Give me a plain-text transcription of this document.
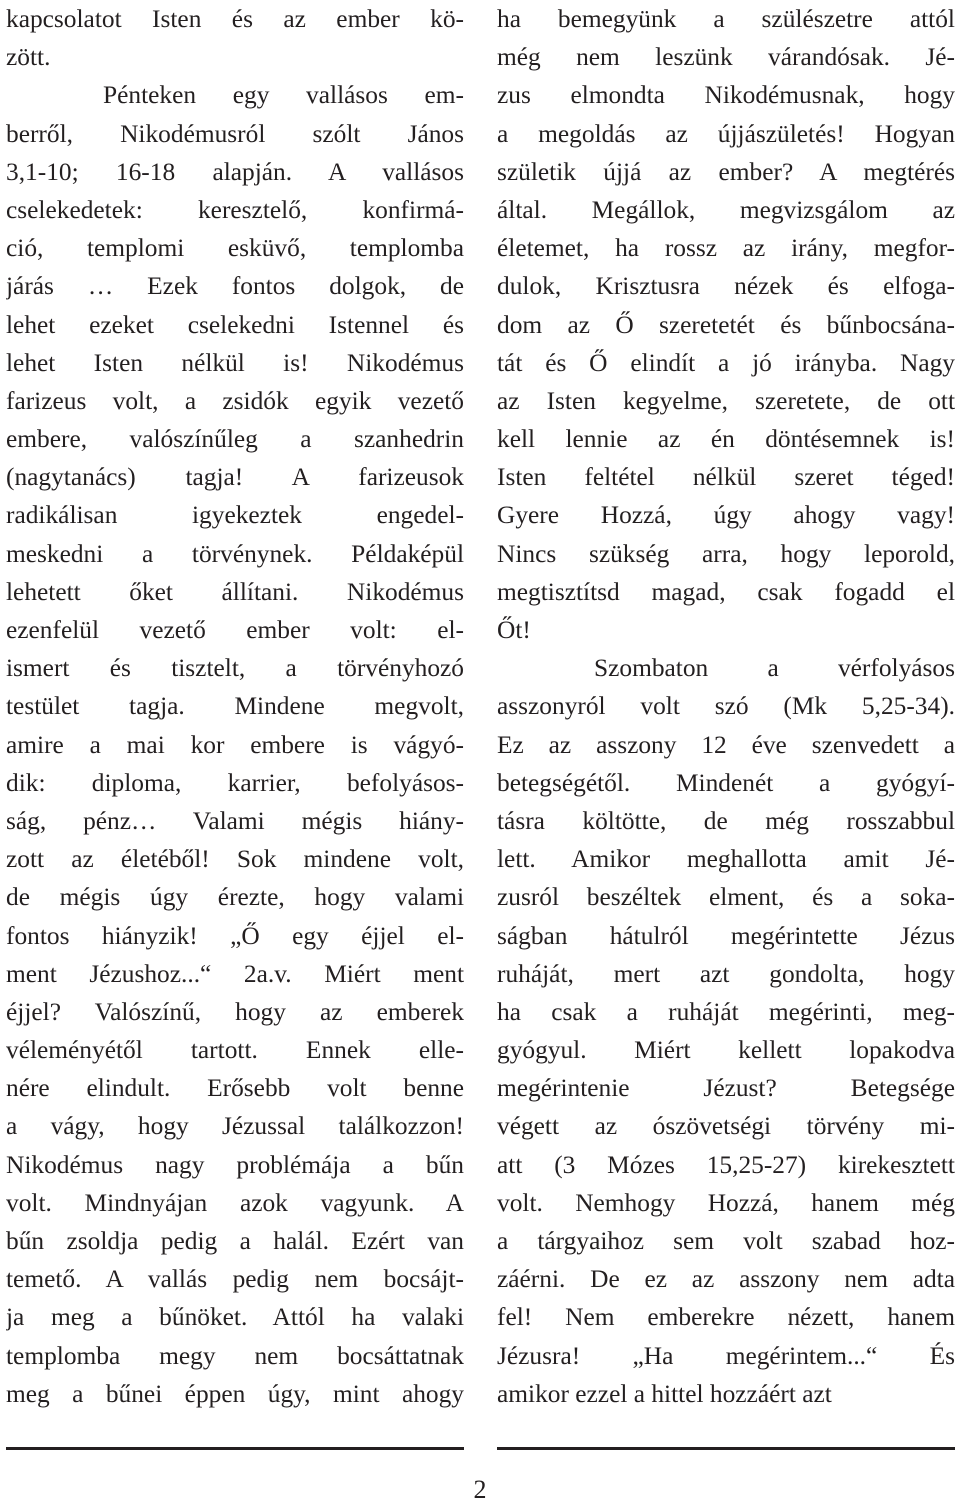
kapcsolatot Isten és az ember kö-
zött.
Pénteken egy vallásos em-
berről, Nikodémusról szólt János
3,1-10; 16-18 alapján. A vallásos
cselekedetek: keresztelő, konfirmá-
ció, templomi esküvő, templomba
járás … Ezek fontos dolgok, de
lehet ezeket cselekedni Istennel és
lehet Isten nélkül is! Nikodémus
farizeus volt, a zsidók egyik vezető
embere, valószínűleg a szanhedrin
(nagytanács) tagja! A farizeusok
radikálisan igyekeztek engedel-
meskedni a törvénynek. Példaképül
lehetett őket állítani. Nikodémus
ezenfelül vezető ember volt: el-
ismert és tisztelt, a törvényhozó
testület tagja. Mindene megvolt,
amire a mai kor embere is vágyó-
dik: diploma, karrier, befolyásos-
ság, pénz… Valami mégis hiány-
zott az életéből! Sok mindene volt,
de mégis úgy érezte, hogy valami
fontos hiányzik! „Ő egy éjjel el-
ment Jézushoz...“ 2a.v. Miért ment
éjjel? Valószínű, hogy az emberek
véleményétől tartott. Ennek elle-
nére elindult. Erősebb volt benne
a vágy, hogy Jézussal találkozzon!
Nikodémus nagy problémája a bűn
volt. Mindnyájan azok vagyunk. A
bűn zsoldja pedig a halál. Ezért van
temető. A vallás pedig nem bocsájt-
ja meg a bűnöket. Attól ha valaki
templomba megy nem bocsáttatnak
meg a bűnei éppen úgy, mint ahogy
ha bemegyünk a szülészetre attól
még nem leszünk várandósak. Jé-
zus elmondta Nikodémusnak, hogy
a megoldás az újjászületés! Hogyan
születik újjá az ember? A megtérés
által. Megállok, megvizsgálom az
életemet, ha rossz az irány, megfor-
dulok, Krisztusra nézek és elfoga-
dom az Ő szeretetét és bűnbocsána-
tát és Ő elindít a jó irányba. Nagy
az Isten kegyelme, szeretete, de ott
kell lennie az én döntésemnek is!
Isten feltétel nélkül szeret téged!
Gyere Hozzá, úgy ahogy vagy!
Nincs szükség arra, hogy leporold,
megtisztítsd magad, csak fogadd el
Őt!
Szombaton a vérfolyásos
asszonyról volt szó (Mk 5,25-34).
Ez az asszony 12 éve szenvedett a
betegségétől. Mindenét a gyógyí-
tásra költötte, de még rosszabbul
lett. Amikor meghallotta amit Jé-
zusról beszéltek elment, és a soka-
ságban hátulról megérintette Jézus
ruháját, mert azt gondolta, hogy
ha csak a ruháját megérinti, meg-
gyógyul. Miért kellett lopakodva
megérintenie Jézust? Betegsége
végett az ószövetségi törvény mi-
att (3 Mózes 15,25-27) kirekesztett
volt. Nemhogy Hozzá, hanem még
a tárgyaihoz sem volt szabad hoz-
záérni. De ez az asszony nem adta
fel! Nem emberekre nézett, hanem
Jézusra! „Ha megérintem...“ És
amikor ezzel a hittel hozzáért azt
2
